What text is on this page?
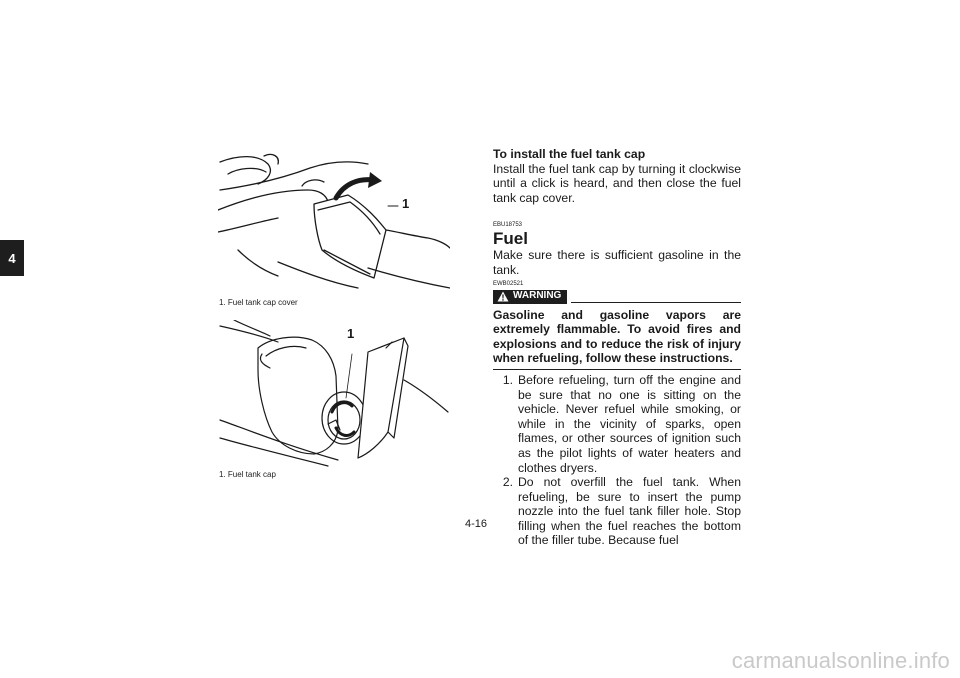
4
1
1. Fuel tank cap cover
1
1. Fuel tank cap
To install the fuel tank cap
Install the fuel tank cap by turning it clockwise until a click is heard, and then close the fuel tank cap cover.
EBU18753
Fuel
Make sure there is sufficient gasoline in the tank.
EWB02521
WARNING
Gasoline and gasoline vapors are extremely flammable. To avoid fires and explosions and to reduce the risk of injury when refueling, follow these instructions.
1. Before refueling, turn off the engine and be sure that no one is sitting on the vehicle. Never refuel while smoking, or while in the vicinity of sparks, open flames, or other sources of ignition such as the pilot lights of water heaters and clothes dryers.
2. Do not overfill the fuel tank. When refueling, be sure to insert the pump nozzle into the fuel tank filler hole. Stop filling when the fuel reaches the bottom of the filler tube. Because fuel
4-16
carmanualsonline.info
